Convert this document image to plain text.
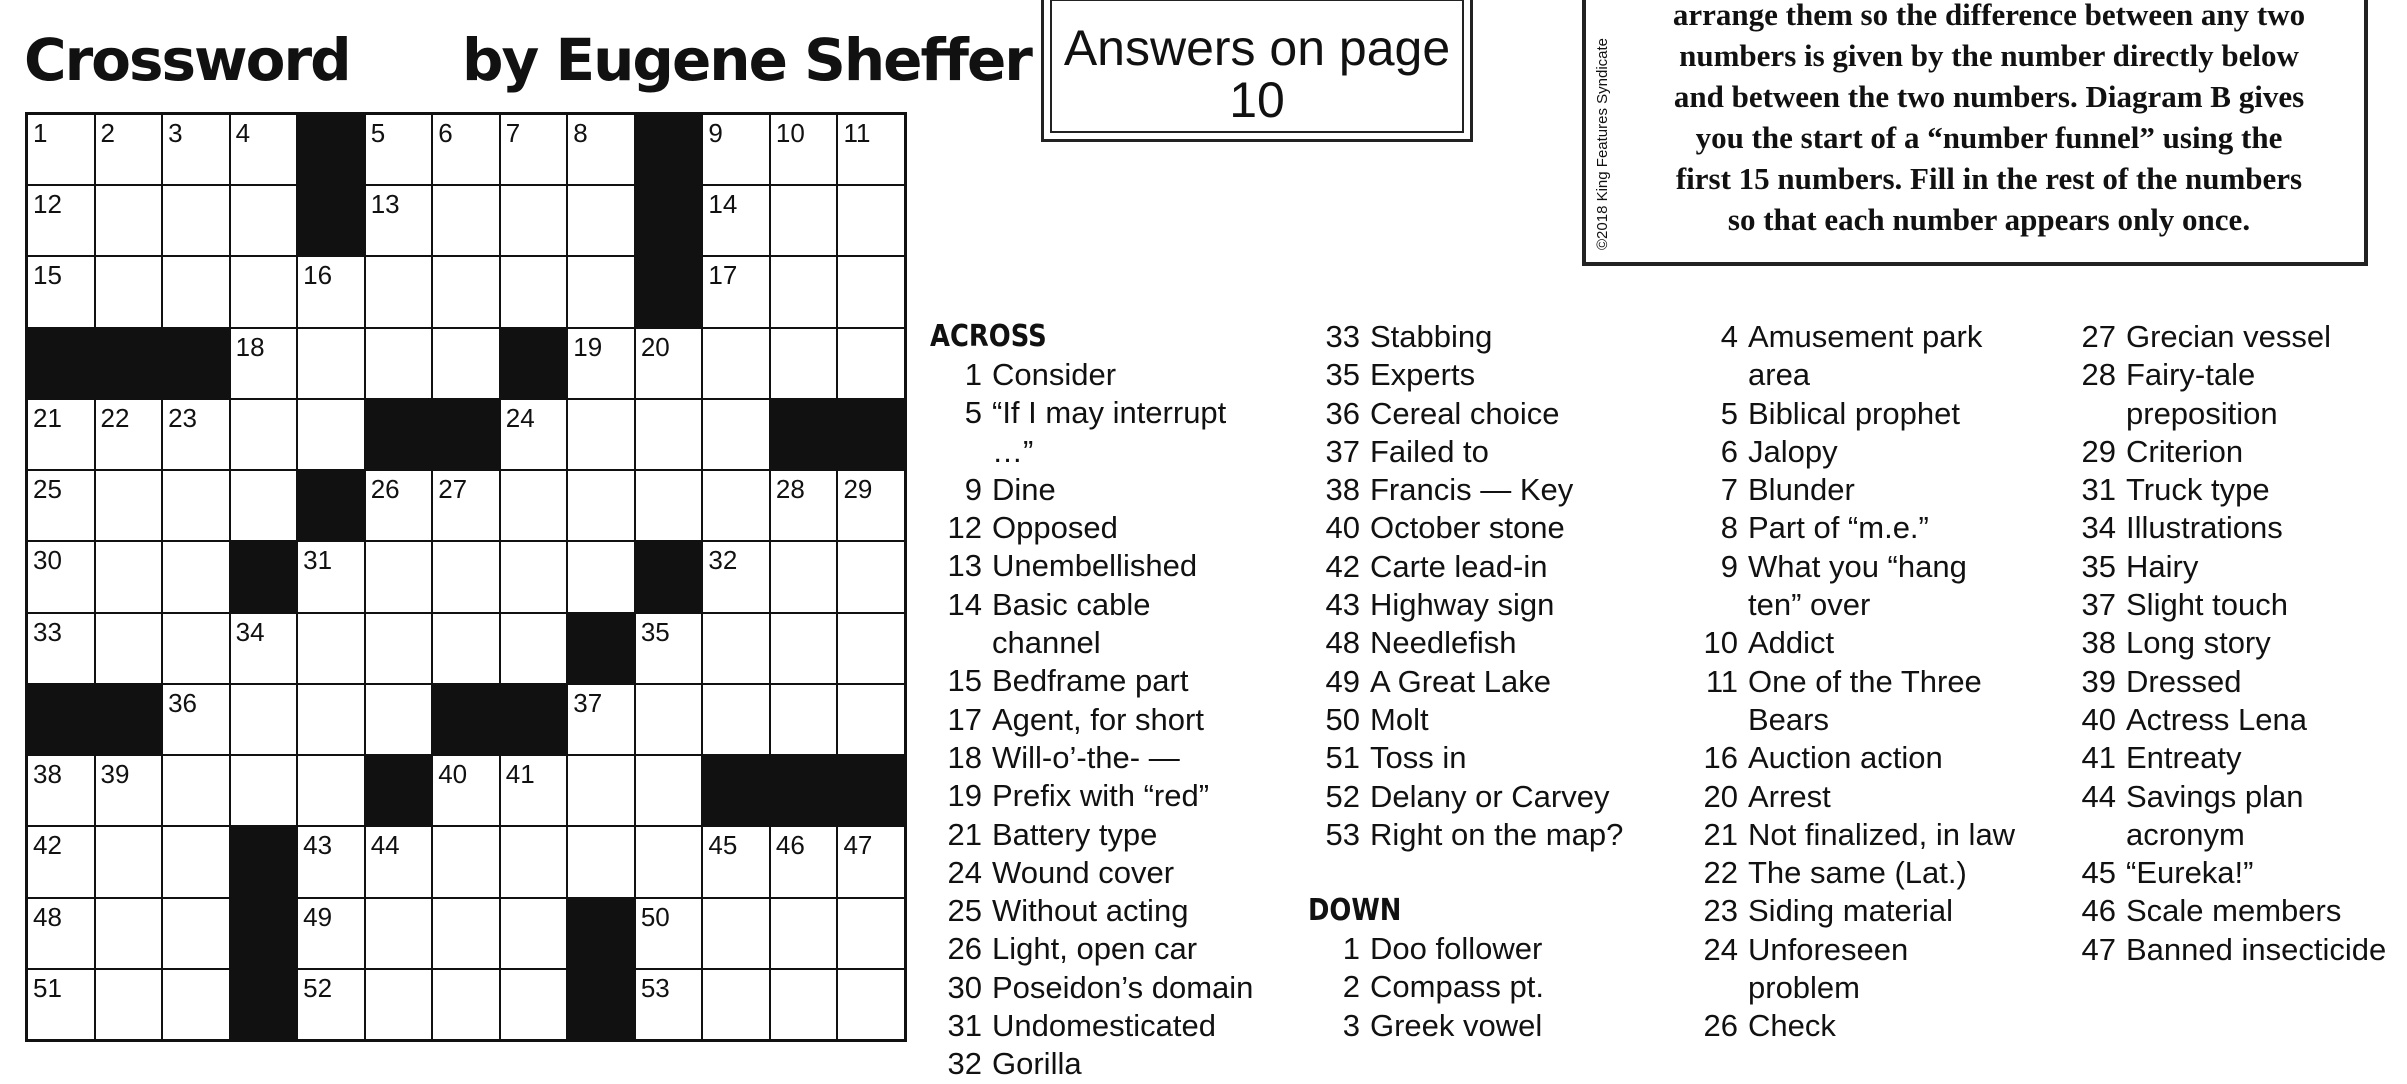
Crossword by Eugene Sheffer Answers on page
10
arrange them so the difference between any two
numbers is given by the number directly below
and between the two numbers. Diagram B gives
you the start of a “number funnel” using the
first 15 numbers. Fill in the rest of the numbers
so that each number appears only once.
©2018 King Features Syndicate
1 2 3 4	5 6 7 8	9 10 11
12	13	14
15	16	17
18	19 20
21 22 23	24
25	26 27	28 29
30	31	32
33	34	35
36	37
38 39	40 41
42	43 44	45 46 47
48	49	50
51	52	53
ACROSS
1 Consider
5 “If I may interrupt …”
9 Dine
12 Opposed
13 Unembellished
14 Basic cable channel
15 Bedframe part
17 Agent, for short
18 Will-o’-the- —
19 Prefix with “red”
21 Battery type
24 Wound cover
25 Without acting
26 Light, open car
30 Poseidon’s domain
31 Undomesticated
32 Gorilla
33 Stabbing
35 Experts
36 Cereal choice
37 Failed to
38 Francis — Key
40 October stone
42 Carte lead-in
43 Highway sign
48 Needlefish
49 A Great Lake
50 Molt
51 Toss in
52 Delany or Carvey
53 Right on the map?
DOWN
1 Doo follower
2 Compass pt.
3 Greek vowel
4 Amusement park area
5 Biblical prophet
6 Jalopy
7 Blunder
8 Part of “m.e.”
9 What you “hang ten” over
10 Addict
11 One of the Three Bears
16 Auction action
20 Arrest
21 Not finalized, in law
22 The same (Lat.)
23 Siding material
24 Unforeseen problem
26 Check
27 Grecian vessel
28 Fairy-tale preposition
29 Criterion
31 Truck type
34 Illustrations
35 Hairy
37 Slight touch
38 Long story
39 Dressed
40 Actress Lena
41 Entreaty
44 Savings plan acronym
45 “Eureka!”
46 Scale members
47 Banned insecticide
